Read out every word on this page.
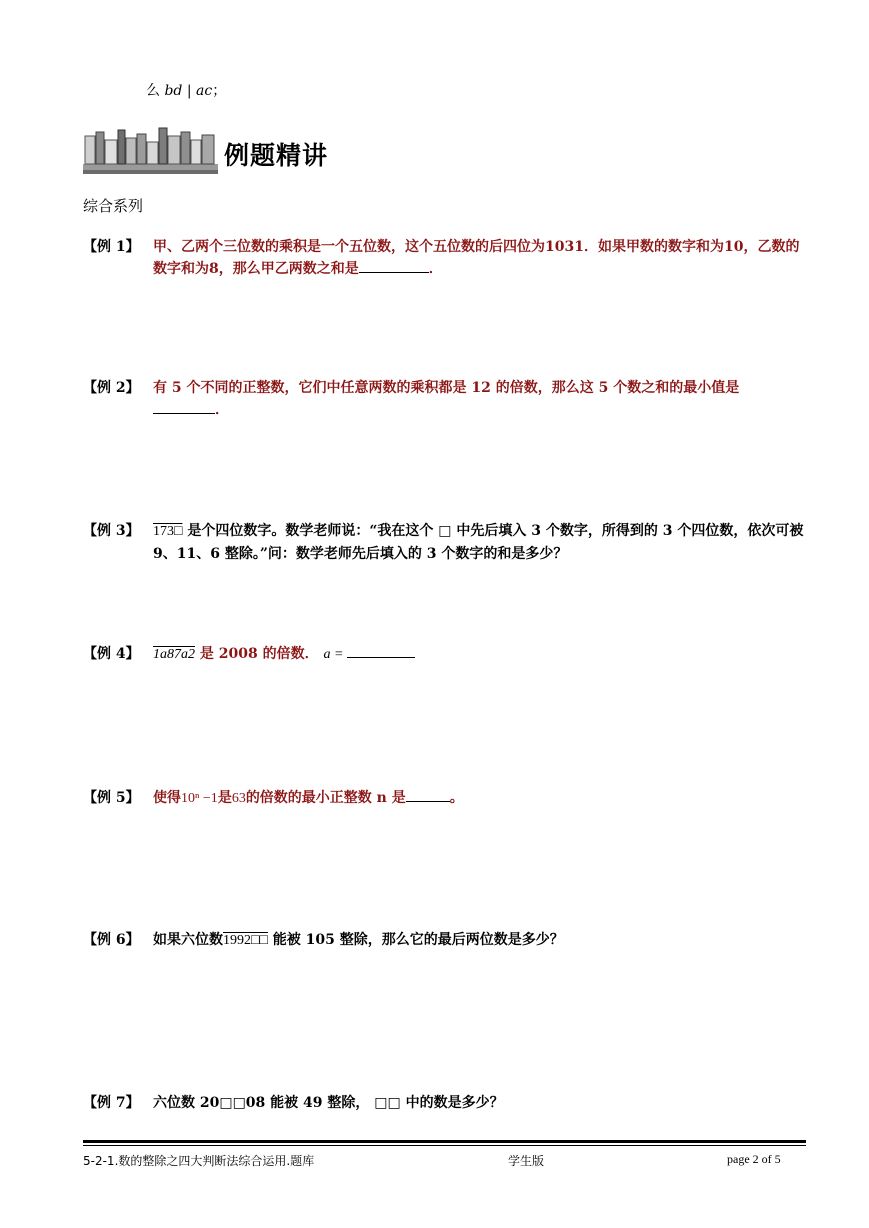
么 bd | ac；
例题精讲
综合系列
【例 1】 甲、乙两个三位数的乘积是一个五位数，这个五位数的后四位为1031．如果甲数的数字和为10，乙数的数字和为8，那么甲乙两数之和是	．
【例 2】 有 5 个不同的正整数，它们中任意两数的乘积都是 12 的倍数，那么这 5 个数之和的最小值是
．
【例 3】 173□ 是个四位数字。数学老师说：“我在这个 □ 中先后填入 3 个数字，所得到的 3 个四位数，依次可被 9、11、6 整除。”问：数学老师先后填入的 3 个数字的和是多少？
【例 4】 1a87a2 是 2008 的倍数． a =
【例 5】 使得10ⁿ −1是63的倍数的最小正整数 n 是	。
【例 6】 如果六位数1992□□ 能被 105 整除，那么它的最后两位数是多少？
【例 7】 六位数 20□□08 能被 49 整除， □□ 中的数是多少？
5-2-1.数的整除之四大判断法综合运用.题库	学生版	page 2 of 5
